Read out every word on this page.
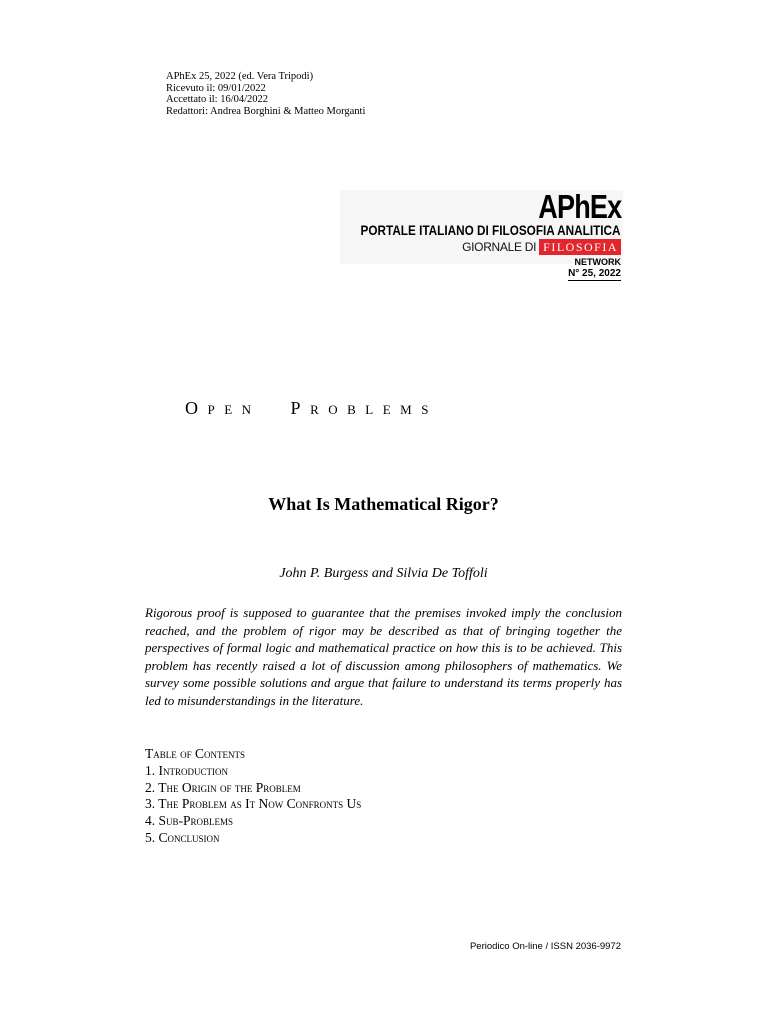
APhEx 25, 2022 (ed. Vera Tripodi)
Ricevuto il: 09/01/2022
Accettato il: 16/04/2022
Redattori: Andrea Borghini & Matteo Morganti
APhEx
PORTALE ITALIANO DI FILOSOFIA ANALITICA
GIORNALE DI FILOSOFIA
NETWORK
N° 25, 2022
Open Problems
What Is Mathematical Rigor?
John P. Burgess and Silvia De Toffoli
Rigorous proof is supposed to guarantee that the premises invoked imply the conclusion reached, and the problem of rigor may be described as that of bringing together the perspectives of formal logic and mathematical practice on how this is to be achieved. This problem has recently raised a lot of discussion among philosophers of mathematics. We survey some possible solutions and argue that failure to understand its terms properly has led to misunderstandings in the literature.
Table of Contents
1. Introduction
2. The Origin of the Problem
3. The Problem as It Now Confronts Us
4. Sub-Problems
5. Conclusion
Periodico On-line / ISSN 2036-9972
